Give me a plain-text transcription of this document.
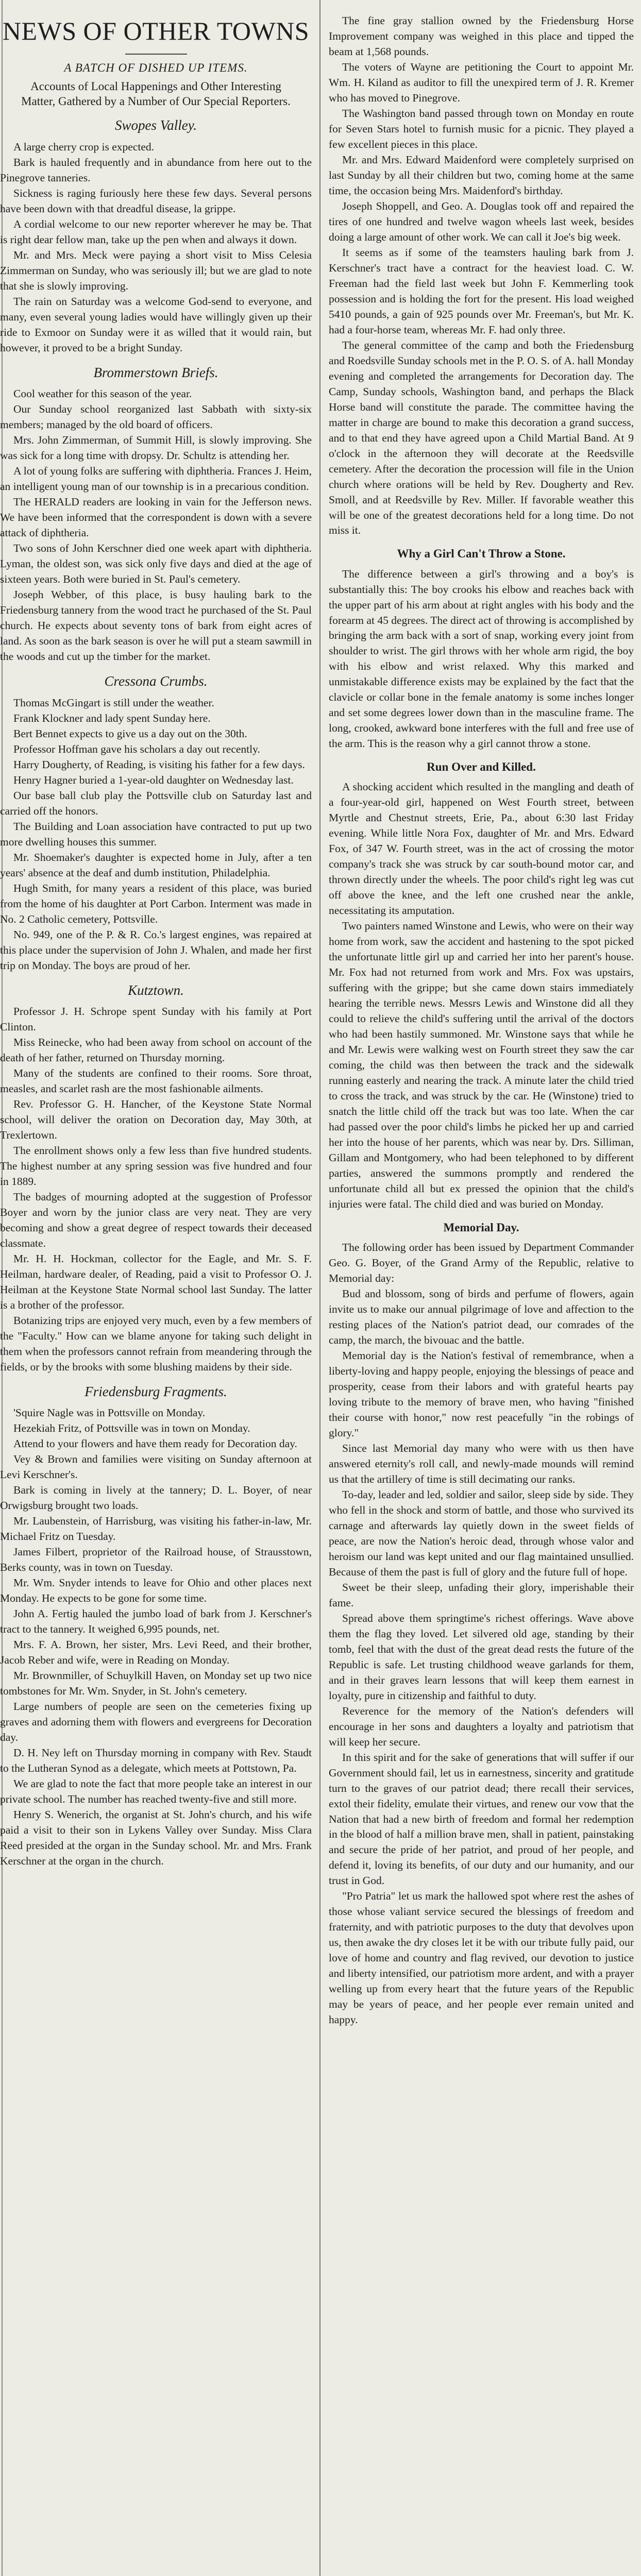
NEWS OF OTHER TOWNS
A BATCH OF DISHED UP ITEMS.
Accounts of Local Happenings and Other Interesting Matter, Gathered by a Number of Our Special Reporters.
Swopes Valley.

A large cherry crop is expected.

Bark is hauled frequently and in abundance from here out to the Pinegrove tanneries.

Sickness is raging furiously here these few days. Several persons have been down with that dreadful disease, la grippe.

A cordial welcome to our new reporter wherever he may be. That is right dear fellow man, take up the pen when and always it down.

Mr. and Mrs. Meck were paying a short visit to Miss Celesia Zimmerman on Sunday, who was seriously ill; but we are glad to note that she is slowly improving.

The rain on Saturday was a welcome God-send to everyone, and many, even several young ladies would have willingly given up their ride to Exmoor on Sunday were it as willed that it would rain, but however, it proved to be a bright Sunday.

Brommerstown Briefs.

Cool weather for this season of the year.

Our Sunday school reorganized last Sabbath with sixty-six members; managed by the old board of officers.

Mrs. John Zimmerman, of Summit Hill, is slowly improving. She was sick for a long time with dropsy. Dr. Schultz is attending her.

A lot of young folks are suffering with diphtheria. Frances J. Heim, an intelligent young man of our township is in a precarious condition.

The HERALD readers are looking in vain for the Jefferson news. We have been informed that the correspondent is down with a severe attack of diphtheria.

Two sons of John Kerschner died one week apart with diphtheria. Lyman, the oldest son, was sick only five days and died at the age of sixteen years. Both were buried in St. Paul's cemetery.

Joseph Webber, of this place, is busy hauling bark to the Friedensburg tannery from the wood tract he purchased of the St. Paul church. He expects about seventy tons of bark from eight acres of land. As soon as the bark season is over he will put a steam sawmill in the woods and cut up the timber for the market.

Cressona Crumbs.

Thomas McGingart is still under the weather.

Frank Klockner and lady spent Sunday here.

Bert Bennet expects to give us a day out on the 30th.

Professor Hoffman gave his scholars a day out recently.

Harry Dougherty, of Reading, is visiting his father for a few days.

Henry Hagner buried a 1-year-old daughter on Wednesday last.

Our base ball club play the Pottsville club on Saturday last and carried off the honors.

The Building and Loan association have contracted to put up two more dwelling houses this summer.

Mr. Shoemaker's daughter is expected home in July, after a ten years' absence at the deaf and dumb institution, Philadelphia.

Hugh Smith, for many years a resident of this place, was buried from the home of his daughter at Port Carbon. Interment was made in No. 2 Catholic cemetery, Pottsville.

No. 949, one of the P. & R. Co.'s largest engines, was repaired at this place under the supervision of John J. Whalen, and made her first trip on Monday. The boys are proud of her.

Kutztown.

Professor J. H. Schrope spent Sunday with his family at Port Clinton.

Miss Reinecke, who had been away from school on account of the death of her father, returned on Thursday morning.

Many of the students are confined to their rooms. Sore throat, measles, and scarlet rash are the most fashionable ailments.

Rev. Professor G. H. Hancher, of the Keystone State Normal school, will deliver the oration on Decoration day, May 30th, at Trexlertown.

The enrollment shows only a few less than five hundred students. The highest number at any spring session was five hundred and four in 1889.

The badges of mourning adopted at the suggestion of Professor Boyer and worn by the junior class are very neat. They are very becoming and show a great degree of respect towards their deceased classmate.

Mr. H. H. Hockman, collector for the Eagle, and Mr. S. F. Heilman, hardware dealer, of Reading, paid a visit to Professor O. J. Heilman at the Keystone State Normal school last Sunday. The latter is a brother of the professor.

Botanizing trips are enjoyed very much, even by a few members of the "Faculty." How can we blame anyone for taking such delight in them when the professors cannot refrain from meandering through the fields, or by the brooks with some blushing maidens by their side.

Friedensburg Fragments.

'Squire Nagle was in Pottsville on Monday.

Hezekiah Fritz, of Pottsville was in town on Monday.

Attend to your flowers and have them ready for Decoration day.

Vey & Brown and families were visiting on Sunday afternoon at Levi Kerschner's.

Bark is coming in lively at the tannery; D. L. Boyer, of near Orwigsburg brought two loads.

Mr. Laubenstein, of Harrisburg, was visiting his father-in-law, Mr. Michael Fritz on Tuesday.

James Filbert, proprietor of the Railroad house, of Strausstown, Berks county, was in town on Tuesday.

Mr. Wm. Snyder intends to leave for Ohio and other places next Monday. He expects to be gone for some time.

John A. Fertig hauled the jumbo load of bark from J. Kerschner's tract to the tannery. It weighed 6,995 pounds, net.

Mrs. F. A. Brown, her sister, Mrs. Levi Reed, and their brother, Jacob Reber and wife, were in Reading on Monday.

Mr. Brownmiller, of Schuylkill Haven, on Monday set up two nice tombstones for Mr. Wm. Snyder, in St. John's cemetery.

Large numbers of people are seen on the cemeteries fixing up graves and adorning them with flowers and evergreens for Decoration day.

D. H. Ney left on Thursday morning in company with Rev. Staudt to the Lutheran Synod as a delegate, which meets at Pottstown, Pa.

We are glad to note the fact that more people take an interest in our private school. The number has reached twenty-five and still more.

Henry S. Wenerich, the organist at St. John's church, and his wife paid a visit to their son in Lykens Valley over Sunday. Miss Clara Reed presided at the organ in the Sunday school. Mr. and Mrs. Frank Kerschner at the organ in the church.

The fine gray stallion owned by the Friedensburg Horse Improvement company was weighed in this place and tipped the beam at 1,568 pounds.

The voters of Wayne are petitioning the Court to appoint Mr. Wm. H. Kiland as auditor to fill the unexpired term of J. R. Kremer who has moved to Pinegrove.

The Washington band passed through town on Monday en route for Seven Stars hotel to furnish music for a picnic. They played a few excellent pieces in this place.

Mr. and Mrs. Edward Maidenford were completely surprised on last Sunday by all their children but two, coming home at the same time, the occasion being Mrs. Maidenford's birthday.

Joseph Shoppell, and Geo. A. Douglas took off and repaired the tires of one hundred and twelve wagon wheels last week, besides doing a large amount of other work. We can call it Joe's big week.

It seems as if some of the teamsters hauling bark from J. Kerschner's tract have a contract for the heaviest load. C. W. Freeman had the field last week but John F. Kemmerling took possession and is holding the fort for the present. His load weighed 5410 pounds, a gain of 925 pounds over Mr. Freeman's, but Mr. K. had a four-horse team, whereas Mr. F. had only three.

The general committee of the camp and both the Friedensburg and Roedsville Sunday schools met in the P. O. S. of A. hall Monday evening and completed the arrangements for Decoration day. The Camp, Sunday schools, Washington band, and perhaps the Black Horse band will constitute the parade. The committee having the matter in charge are bound to make this decoration a grand success, and to that end they have agreed upon a Child Martial Band. At 9 o'clock in the afternoon they will decorate at the Reedsville cemetery. After the decoration the procession will file in the Union church where orations will be held by Rev. Dougherty and Rev. Smoll, and at Reedsville by Rev. Miller. If favorable weather this will be one of the greatest decorations held for a long time. Do not miss it.

Why a Girl Can't Throw a Stone.

The difference between a girl's throwing and a boy's is substantially this: The boy crooks his elbow and reaches back with the upper part of his arm about at right angles with his body and the forearm at 45 degrees. The direct act of throwing is accomplished by bringing the arm back with a sort of snap, working every joint from shoulder to wrist. The girl throws with her whole arm rigid, the boy with his elbow and wrist relaxed. Why this marked and unmistakable difference exists may be explained by the fact that the clavicle or collar bone in the female anatomy is some inches longer and set some degrees lower down than in the masculine frame. The long, crooked, awkward bone interferes with the full and free use of the arm. This is the reason why a girl cannot throw a stone.

Run Over and Killed.

A shocking accident which resulted in the mangling and death of a four-year-old girl, happened on West Fourth street, between Myrtle and Chestnut streets, Erie, Pa., about 6:30 last Friday evening. While little Nora Fox, daughter of Mr. and Mrs. Edward Fox, of 347 W. Fourth street, was in the act of crossing the motor company's track she was struck by car south-bound motor car, and thrown directly under the wheels. The poor child's right leg was cut off above the knee, and the left one crushed near the ankle, necessitating its amputation.

Two painters named Winstone and Lewis, who were on their way home from work, saw the accident and hastening to the spot picked the unfortunate little girl up and carried her into her parent's house. Mr. Fox had not returned from work and Mrs. Fox was upstairs, suffering with the grippe; but she came down stairs immediately hearing the terrible news. Messrs Lewis and Winstone did all they could to relieve the child's suffering until the arrival of the doctors who had been hastily summoned. Mr. Winstone says that while he and Mr. Lewis were walking west on Fourth street they saw the car coming, the child was then between the track and the sidewalk running easterly and nearing the track. A minute later the child tried to cross the track, and was struck by the car. He (Winstone) tried to snatch the little child off the track but was too late. When the car had passed over the poor child's limbs he picked her up and carried her into the house of her parents, which was near by. Drs. Silliman, Gillam and Montgomery, who had been telephoned to by different parties, answered the summons promptly and rendered the unfortunate child all but ex pressed the opinion that the child's injuries were fatal. The child died and was buried on Monday.

Memorial Day.

The following order has been issued by Department Commander Geo. G. Boyer, of the Grand Army of the Republic, relative to Memorial day:

Bud and blossom, song of birds and perfume of flowers, again invite us to make our annual pilgrimage of love and affection to the resting places of the Nation's patriot dead, our comrades of the camp, the march, the bivouac and the battle.

Memorial day is the Nation's festival of remembrance, when a liberty-loving and happy people, enjoying the blessings of peace and prosperity, cease from their labors and with grateful hearts pay loving tribute to the memory of brave men, who having "finished their course with honor," now rest peacefully "in the robings of glory."

Since last Memorial day many who were with us then have answered eternity's roll call, and newly-made mounds will remind us that the artillery of time is still decimating our ranks.

To-day, leader and led, soldier and sailor, sleep side by side. They who fell in the shock and storm of battle, and those who survived its carnage and afterwards lay quietly down in the sweet fields of peace, are now the Nation's heroic dead, through whose valor and heroism our land was kept united and our flag maintained unsullied. Because of them the past is full of glory and the future full of hope.

Sweet be their sleep, unfading their glory, imperishable their fame.

Spread above them springtime's richest offerings. Wave above them the flag they loved. Let silvered old age, standing by their tomb, feel that with the dust of the great dead rests the future of the Republic is safe. Let trusting childhood weave garlands for them, and in their graves learn lessons that will keep them earnest in loyalty, pure in citizenship and faithful to duty.

Reverence for the memory of the Nation's defenders will encourage in her sons and daughters a loyalty and patriotism that will keep her secure.

In this spirit and for the sake of generations that will suffer if our Government should fail, let us in earnestness, sincerity and gratitude turn to the graves of our patriot dead; there recall their services, extol their fidelity, emulate their virtues, and renew our vow that the Nation that had a new birth of freedom and formal her redemption in the blood of half a million brave men, shall in patient, painstaking and secure the pride of her patriot, and proud of her people, and defend it, loving its benefits, of our duty and our humanity, and our trust in God.

"Pro Patria" let us mark the hallowed spot where rest the ashes of those whose valiant service secured the blessings of freedom and fraternity, and with patriotic purposes to the duty that devolves upon us, then awake the dry closes let it be with our tribute fully paid, our love of home and country and flag revived, our devotion to justice and liberty intensified, our patriotism more ardent, and with a prayer welling up from every heart that the future years of the Republic may be years of peace, and her people ever remain united and happy.
